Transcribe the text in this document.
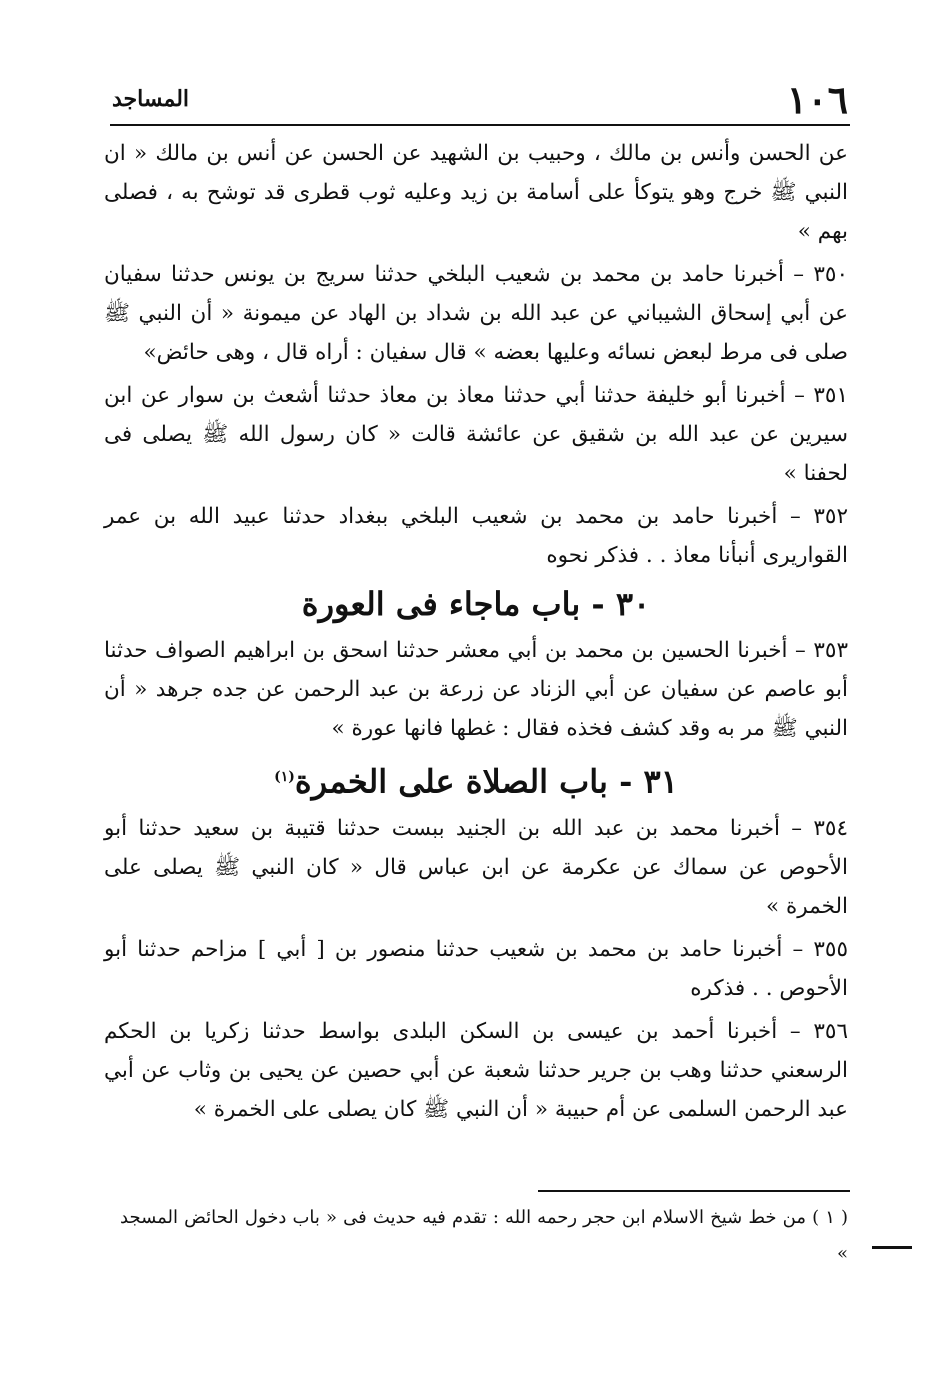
١٠٦
المساجد

عن الحسن وأنس بن مالك ، وحبيب بن الشهيد عن الحسن عن أنس بن مالك « ان النبي ﷺ خرج وهو يتوكأ على أسامة بن زيد وعليه ثوب قطرى قد توشح به ، فصلى بهم »

٣٥٠ – أخبرنا حامد بن محمد بن شعيب البلخي حدثنا سريج بن يونس حدثنا سفيان عن أبي إسحاق الشيباني عن عبد الله بن شداد بن الهاد عن ميمونة « أن النبي ﷺ صلى فى مرط لبعض نسائه وعليها بعضه » قال سفيان : أراه قال ، وهى حائض»

٣٥١ – أخبرنا أبو خليفة حدثنا أبي حدثنا معاذ بن معاذ حدثنا أشعث بن سوار عن ابن سيرين عن عبد الله بن شقيق عن عائشة قالت « كان رسول الله ﷺ يصلى فى لحفنا »

٣٥٢ – أخبرنا حامد بن محمد بن شعيب البلخي ببغداد حدثنا عبيد الله بن عمر القواريرى أنبأنا معاذ . . فذكر نحوه

٣٠ - باب ماجاء فى العورة

٣٥٣ – أخبرنا الحسين بن محمد بن أبي معشر حدثنا اسحق بن ابراهيم الصواف حدثنا أبو عاصم عن سفيان عن أبي الزناد عن زرعة بن عبد الرحمن عن جده جرهد « أن النبي ﷺ مر به وقد كشف فخذه فقال : غطها فانها عورة »

٣١ - باب الصلاة على الخمرة$^{(١)}$

٣٥٤ – أخبرنا محمد بن عبد الله بن الجنيد ببست حدثنا قتيبة بن سعيد حدثنا أبو الأحوص عن سماك عن عكرمة عن ابن عباس قال « كان النبي ﷺ يصلى على الخمرة »

٣٥٥ – أخبرنا حامد بن محمد بن شعيب حدثنا منصور بن [ أبي ] مزاحم حدثنا أبو الأحوص . . فذكره

٣٥٦ – أخبرنا أحمد بن عيسى بن السكن البلدى بواسط حدثنا زكريا بن الحكم الرسعني حدثنا وهب بن جرير حدثنا شعبة عن أبي حصين عن يحيى بن وثاب عن أبي عبد الرحمن السلمى عن أم حبيبة « أن النبي ﷺ كان يصلى على الخمرة »

( ١ ) من خط شيخ الاسلام ابن حجر رحمه الله : تقدم فيه حديث فى « باب دخول الحائض المسجد »
